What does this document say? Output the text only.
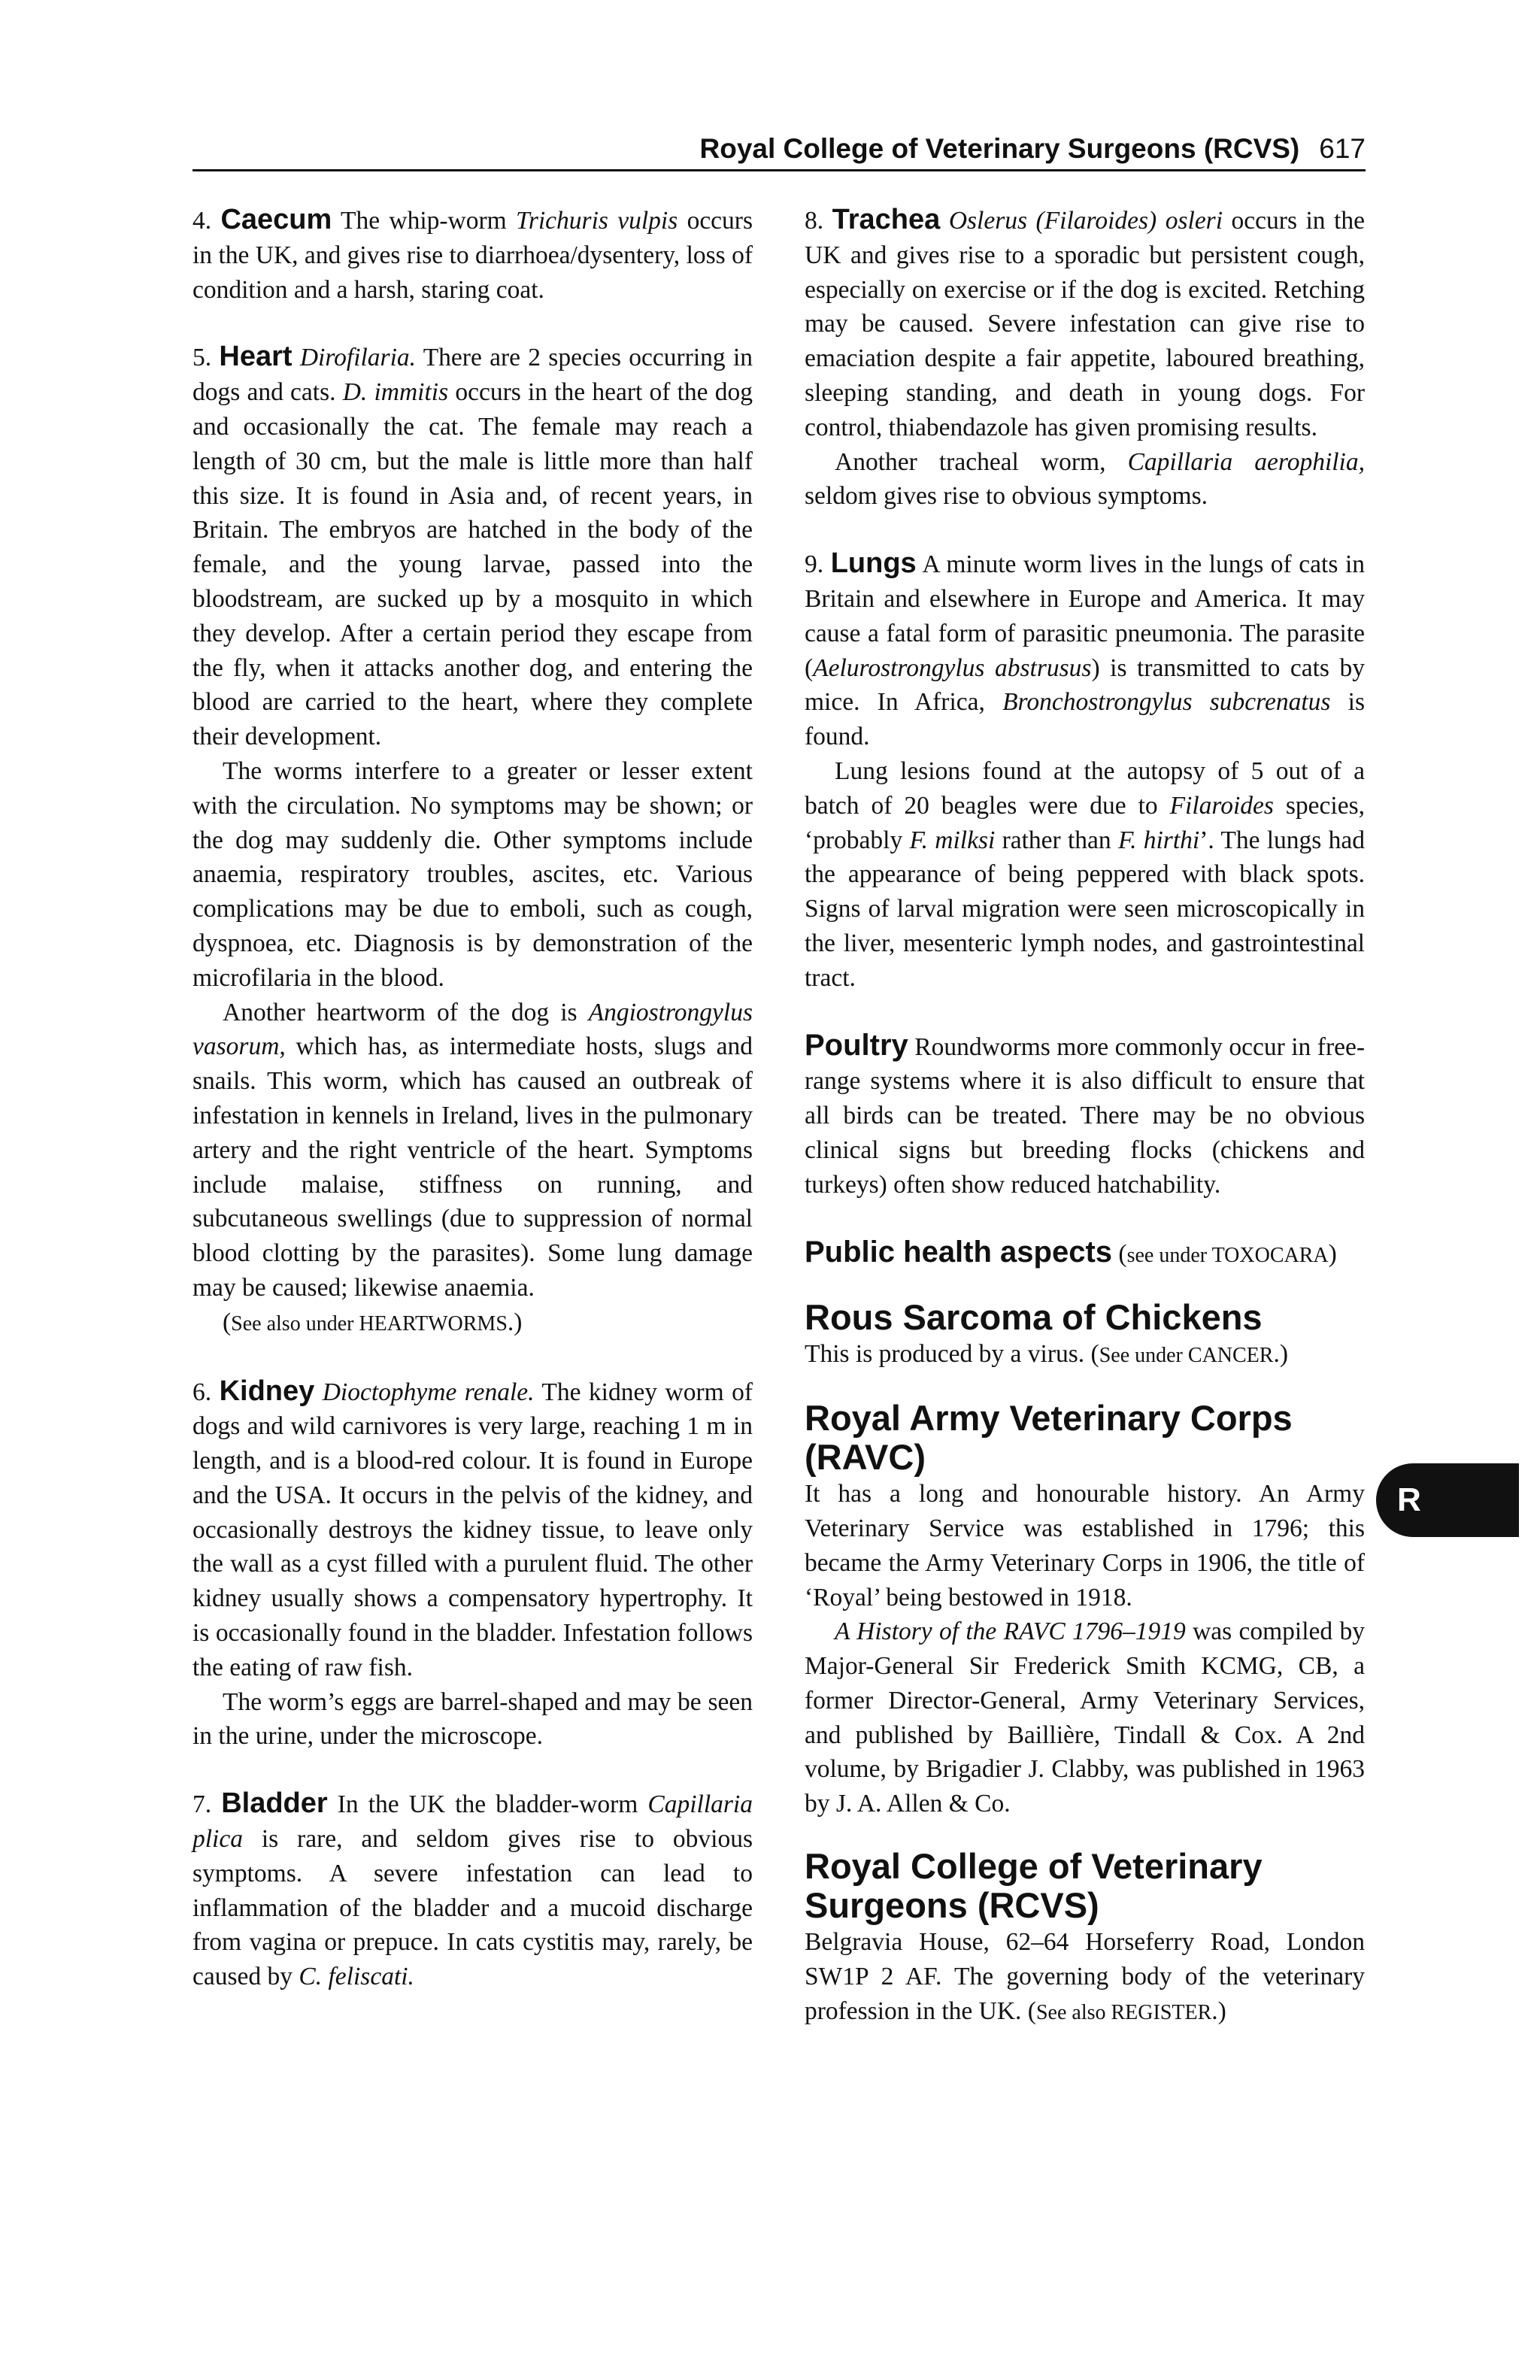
Royal College of Veterinary Surgeons (RCVS) 617
R

4. Caecum The whip-worm Trichuris vulpis occurs in the UK, and gives rise to diarrhoea/dysentery, loss of condition and a harsh, staring coat.

5. Heart Dirofilaria. There are 2 species occurring in dogs and cats. D. immitis occurs in the heart of the dog and occasionally the cat. The female may reach a length of 30 cm, but the male is little more than half this size. It is found in Asia and, of recent years, in Britain. The embryos are hatched in the body of the female, and the young larvae, passed into the bloodstream, are sucked up by a mosquito in which they develop. After a certain period they escape from the fly, when it attacks another dog, and entering the blood are carried to the heart, where they complete their development.

The worms interfere to a greater or lesser extent with the circulation. No symptoms may be shown; or the dog may suddenly die. Other symptoms include anaemia, respiratory troubles, ascites, etc. Various complications may be due to emboli, such as cough, dyspnoea, etc. Diagnosis is by demonstration of the microfilaria in the blood.

Another heartworm of the dog is Angiostrongylus vasorum, which has, as intermediate hosts, slugs and snails. This worm, which has caused an outbreak of infestation in kennels in Ireland, lives in the pulmonary artery and the right ventricle of the heart. Symptoms include malaise, stiffness on running, and subcutaneous swellings (due to suppression of normal blood clotting by the parasites). Some lung damage may be caused; likewise anaemia.

(See also under HEARTWORMS.)

6. Kidney Dioctophyme renale. The kidney worm of dogs and wild carnivores is very large, reaching 1 m in length, and is a blood-red colour. It is found in Europe and the USA. It occurs in the pelvis of the kidney, and occasionally destroys the kidney tissue, to leave only the wall as a cyst filled with a purulent fluid. The other kidney usually shows a compensatory hypertrophy. It is occasionally found in the bladder. Infestation follows the eating of raw fish.

The worm’s eggs are barrel-shaped and may be seen in the urine, under the microscope.

7. Bladder In the UK the bladder-worm Capillaria plica is rare, and seldom gives rise to obvious symptoms. A severe infestation can lead to inflammation of the bladder and a mucoid discharge from vagina or prepuce. In cats cystitis may, rarely, be caused by C. feliscati.

8. Trachea Oslerus (Filaroides) osleri occurs in the UK and gives rise to a sporadic but persistent cough, especially on exercise or if the dog is excited. Retching may be caused. Severe infestation can give rise to emaciation despite a fair appetite, laboured breathing, sleeping standing, and death in young dogs. For control, thiabendazole has given promising results.

Another tracheal worm, Capillaria aerophilia, seldom gives rise to obvious symptoms.

9. Lungs A minute worm lives in the lungs of cats in Britain and elsewhere in Europe and America. It may cause a fatal form of parasitic pneumonia. The parasite (Aelurostrongylus abstrusus) is transmitted to cats by mice. In Africa, Bronchostrongylus subcrenatus is found.

Lung lesions found at the autopsy of 5 out of a batch of 20 beagles were due to Filaroides species, ‘probably F. milksi rather than F. hirthi’. The lungs had the appearance of being peppered with black spots. Signs of larval migration were seen microscopically in the liver, mesenteric lymph nodes, and gastrointestinal tract.

Poultry Roundworms more commonly occur in free-range systems where it is also difficult to ensure that all birds can be treated. There may be no obvious clinical signs but breeding flocks (chickens and turkeys) often show reduced hatchability.

Public health aspects (see under TOXOCARA)

Rous Sarcoma of Chickens

This is produced by a virus. (See under CANCER.)

Royal Army Veterinary Corps (RAVC)

It has a long and honourable history. An Army Veterinary Service was established in 1796; this became the Army Veterinary Corps in 1906, the title of ‘Royal’ being bestowed in 1918.

A History of the RAVC 1796–1919 was compiled by Major-General Sir Frederick Smith KCMG, CB, a former Director-General, Army Veterinary Services, and published by Baillière, Tindall & Cox. A 2nd volume, by Brigadier J. Clabby, was published in 1963 by J. A. Allen & Co.

Royal College of Veterinary Surgeons (RCVS)

Belgravia House, 62–64 Horseferry Road, London SW1P 2 AF. The governing body of the veterinary profession in the UK. (See also REGISTER.)
